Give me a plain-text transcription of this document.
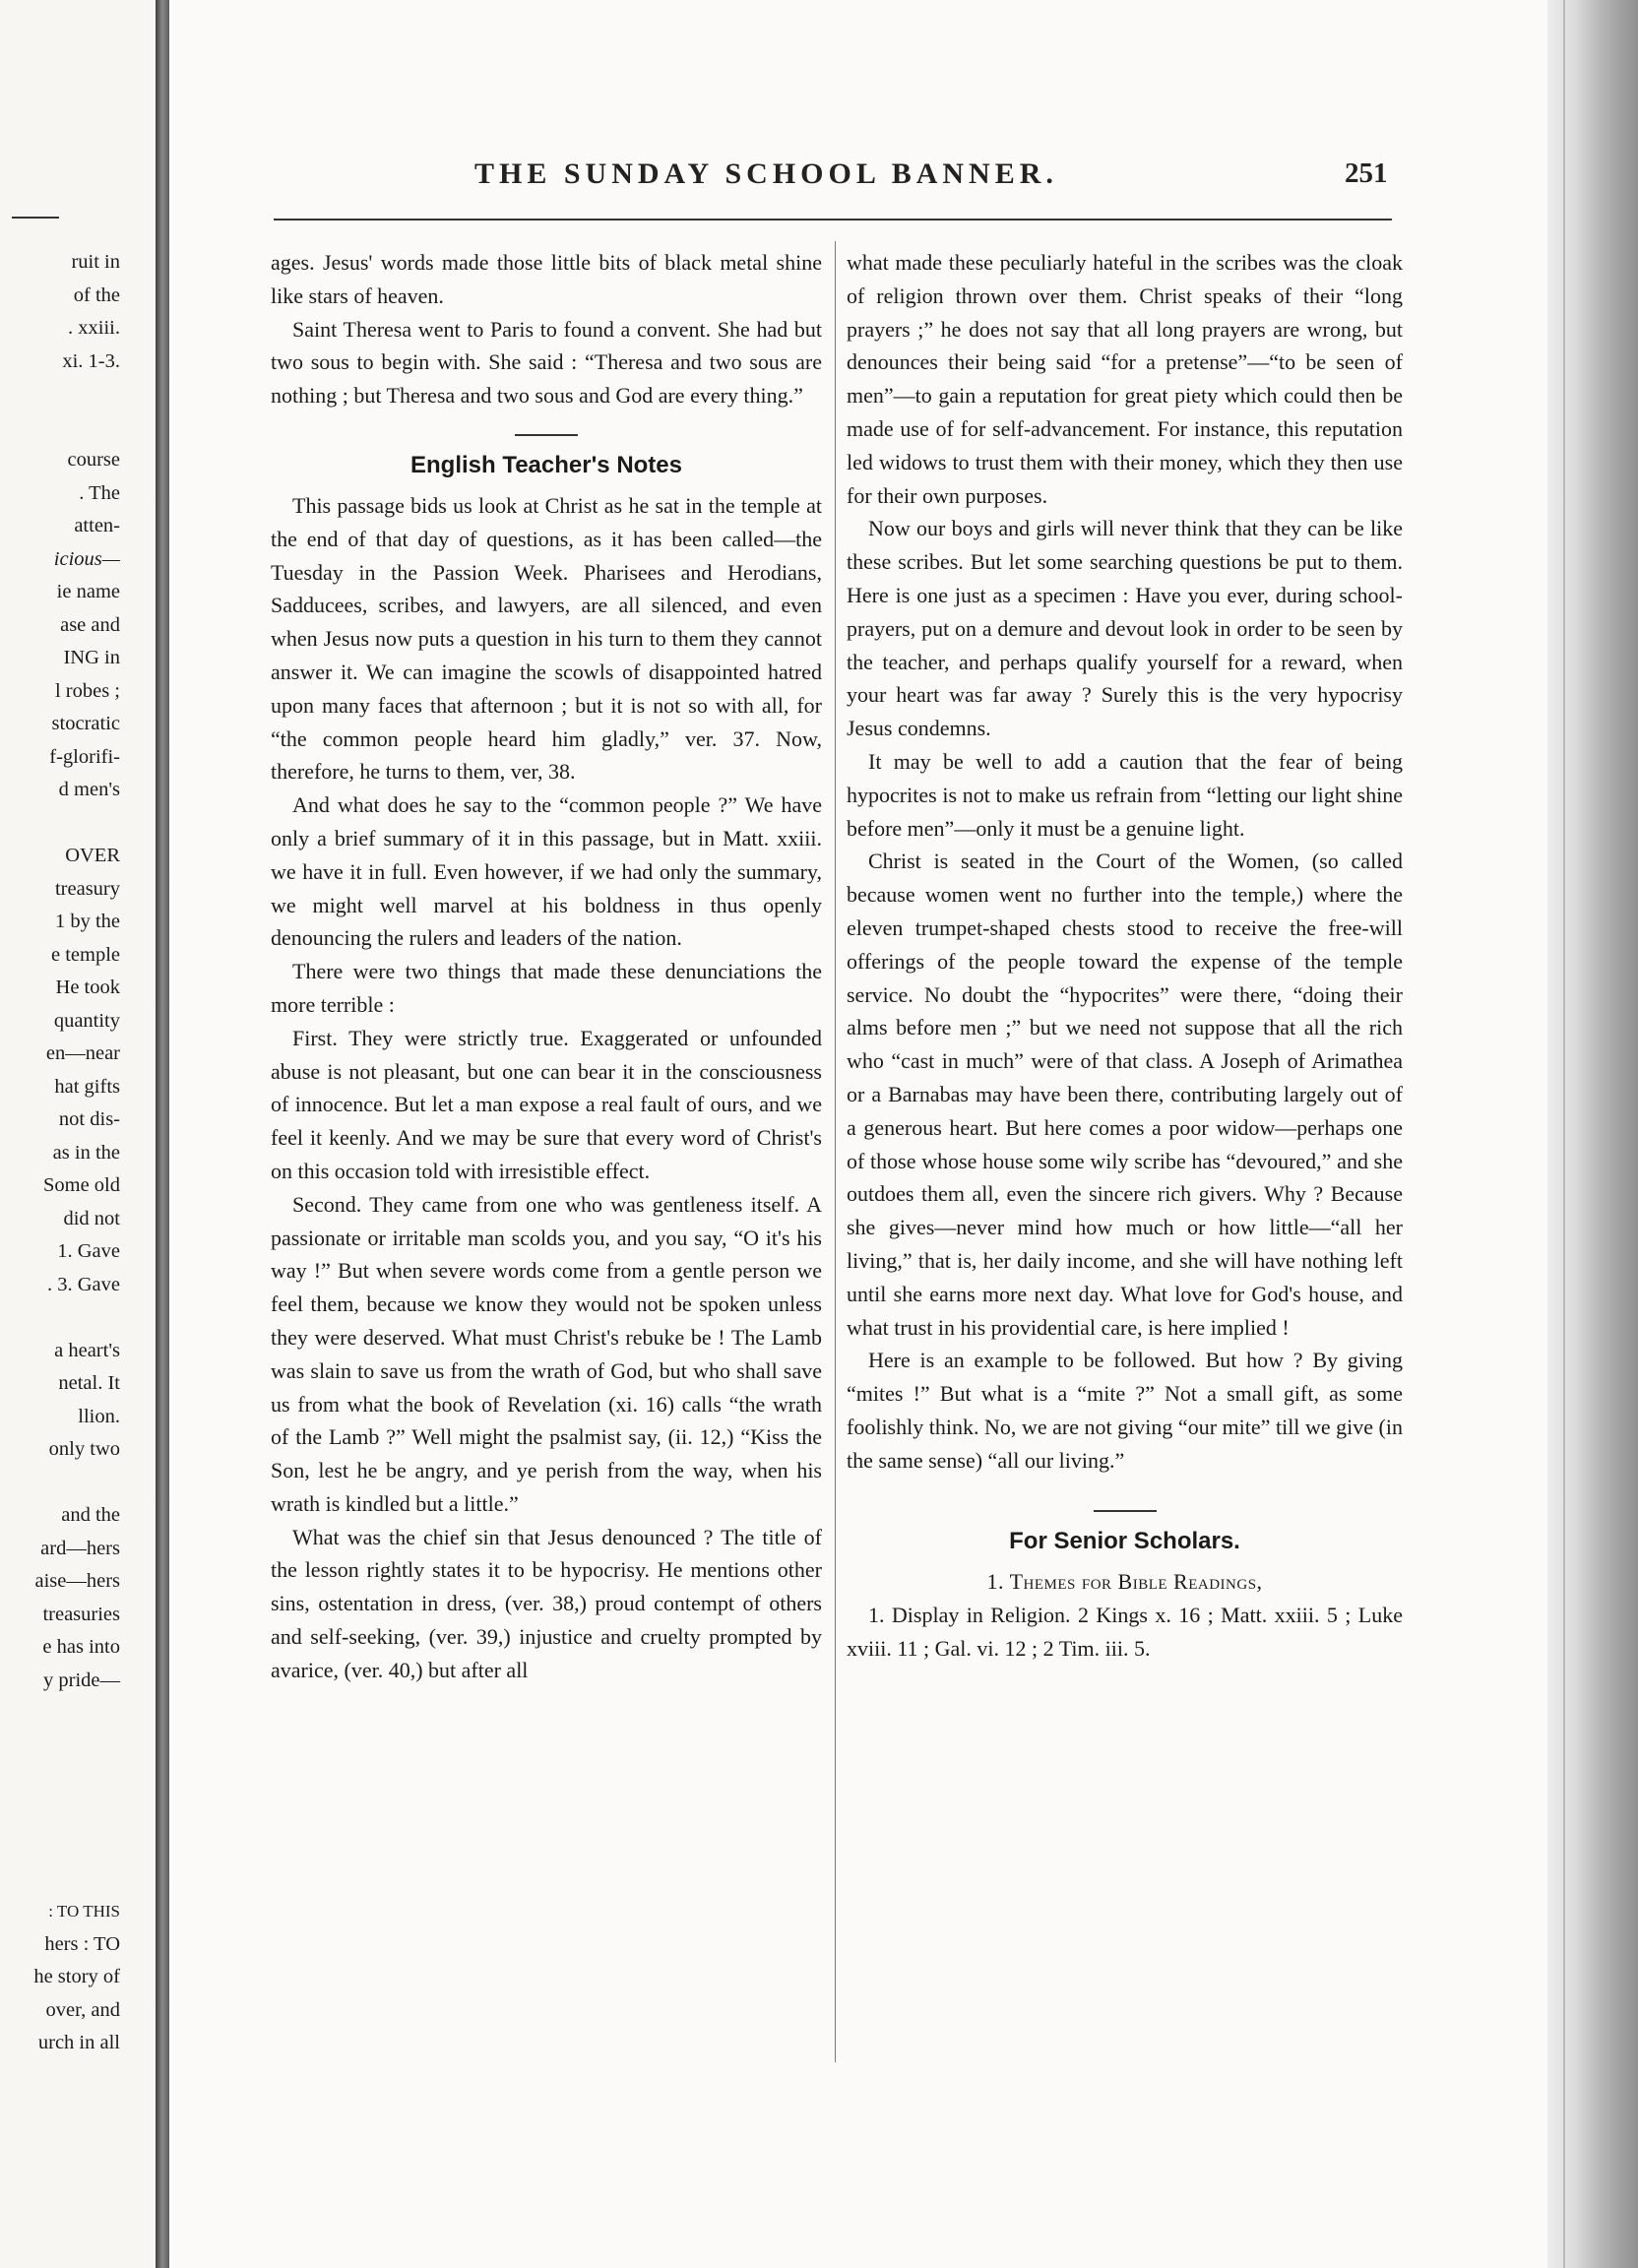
ruit in
of the
. xxiii.
xi. 1-3.
course
. The
atten-
icious—
ie name
ase and
ING in
l robes ;
stocratic
f-glorifi-
d men's
OVER
treasury
1 by the
e temple
He took
quantity
en—near
hat gifts
not dis-
as in the
Some old
did not
1. Gave
. 3. Gave
a heart's
netal. It
llion.
only two
and the
ard—hers
aise—hers
treasuries
e has into
y pride—
: TO THIS
hers : TO
he story of
over, and
urch in all
THE SUNDAY SCHOOL BANNER.	251

ages. Jesus' words made those little bits of black metal shine like stars of heaven.

Saint Theresa went to Paris to found a convent. She had but two sous to begin with. She said : “Theresa and two sous are nothing ; but Theresa and two sous and God are every thing.”

English Teacher's Notes

This passage bids us look at Christ as he sat in the temple at the end of that day of questions, as it has been called—the Tuesday in the Passion Week. Pharisees and Herodians, Sadducees, scribes, and lawyers, are all silenced, and even when Jesus now puts a question in his turn to them they cannot answer it. We can imagine the scowls of disappointed hatred upon many faces that afternoon ; but it is not so with all, for “the common people heard him gladly,” ver. 37. Now, therefore, he turns to them, ver, 38.

And what does he say to the “common people ?” We have only a brief summary of it in this passage, but in Matt. xxiii. we have it in full. Even however, if we had only the summary, we might well marvel at his boldness in thus openly denouncing the rulers and leaders of the nation.

There were two things that made these denunciations the more terrible :

First. They were strictly true. Exaggerated or unfounded abuse is not pleasant, but one can bear it in the consciousness of innocence. But let a man expose a real fault of ours, and we feel it keenly. And we may be sure that every word of Christ's on this occasion told with irresistible effect.

Second. They came from one who was gentleness itself. A passionate or irritable man scolds you, and you say, “O it's his way !” But when severe words come from a gentle person we feel them, because we know they would not be spoken unless they were deserved. What must Christ's rebuke be ! The Lamb was slain to save us from the wrath of God, but who shall save us from what the book of Revelation (xi. 16) calls “the wrath of the Lamb ?” Well might the psalmist say, (ii. 12,) “Kiss the Son, lest he be angry, and ye perish from the way, when his wrath is kindled but a little.”

What was the chief sin that Jesus denounced ? The title of the lesson rightly states it to be hypocrisy. He mentions other sins, ostentation in dress, (ver. 38,) proud contempt of others and self-seeking, (ver. 39,) injustice and cruelty prompted by avarice, (ver. 40,) but after all

what made these peculiarly hateful in the scribes was the cloak of religion thrown over them. Christ speaks of their “long prayers ;” he does not say that all long prayers are wrong, but denounces their being said “for a pretense”—“to be seen of men”—to gain a reputation for great piety which could then be made use of for self-advancement. For instance, this reputation led widows to trust them with their money, which they then use for their own purposes.

Now our boys and girls will never think that they can be like these scribes. But let some searching questions be put to them. Here is one just as a specimen : Have you ever, during school-prayers, put on a demure and devout look in order to be seen by the teacher, and perhaps qualify yourself for a reward, when your heart was far away ? Surely this is the very hypocrisy Jesus condemns.

It may be well to add a caution that the fear of being hypocrites is not to make us refrain from “letting our light shine before men”—only it must be a genuine light.

Christ is seated in the Court of the Women, (so called because women went no further into the temple,) where the eleven trumpet-shaped chests stood to receive the free-will offerings of the people toward the expense of the temple service. No doubt the “hypocrites” were there, “doing their alms before men ;” but we need not suppose that all the rich who “cast in much” were of that class. A Joseph of Arimathea or a Barnabas may have been there, contributing largely out of a generous heart. But here comes a poor widow—perhaps one of those whose house some wily scribe has “devoured,” and she outdoes them all, even the sincere rich givers. Why ? Because she gives—never mind how much or how little—“all her living,” that is, her daily income, and she will have nothing left until she earns more next day. What love for God's house, and what trust in his providential care, is here implied !

Here is an example to be followed. But how ? By giving “mites !” But what is a “mite ?” Not a small gift, as some foolishly think. No, we are not giving “our mite” till we give (in the same sense) “all our living.”

For Senior Scholars.

1. Themes for Bible Readings,

1. Display in Religion. 2 Kings x. 16 ; Matt. xxiii. 5 ; Luke xviii. 11 ; Gal. vi. 12 ; 2 Tim. iii. 5.
